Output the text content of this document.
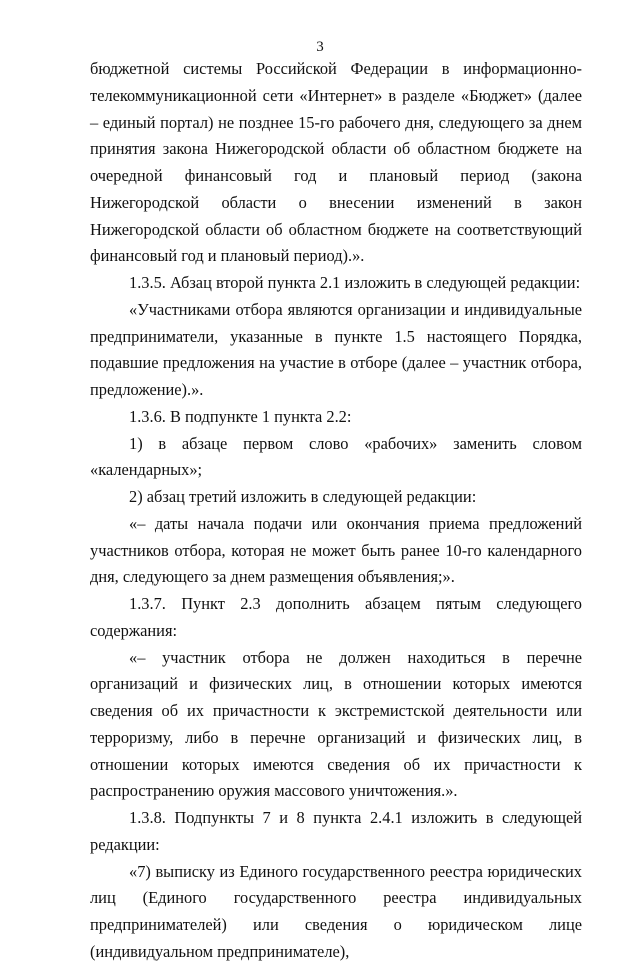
3

бюджетной системы Российской Федерации в информационно-телекоммуникационной сети «Интернет» в разделе «Бюджет» (далее – единый портал) не позднее 15-го рабочего дня, следующего за днем принятия закона Нижегородской области об областном бюджете на очередной финансовый год и плановый период (закона Нижегородской области о внесении изменений в закон Нижегородской области об областном бюджете на соответствующий финансовый год и плановый период).».

1.3.5. Абзац второй пункта 2.1 изложить в следующей редакции:

«Участниками отбора являются организации и индивидуальные предприниматели, указанные в пункте 1.5 настоящего Порядка, подавшие предложения на участие в отборе (далее – участник отбора, предложение).».

1.3.6. В подпункте 1 пункта 2.2:

1) в абзаце первом слово «рабочих» заменить словом «календарных»;

2) абзац третий изложить в следующей редакции:

«– даты начала подачи или окончания приема предложений участников отбора, которая не может быть ранее 10-го календарного дня, следующего за днем размещения объявления;».

1.3.7. Пункт 2.3 дополнить абзацем пятым следующего содержания:

«– участник отбора не должен находиться в перечне организаций и физических лиц, в отношении которых имеются сведения об их причастности к экстремистской деятельности или терроризму, либо в перечне организаций и физических лиц, в отношении которых имеются сведения об их причастности к распространению оружия массового уничтожения.».

1.3.8. Подпункты 7 и 8 пункта 2.4.1 изложить в следующей редакции:

«7) выписку из Единого государственного реестра юридических лиц (Единого государственного реестра индивидуальных предпринимателей) или сведения о юридическом лице (индивидуальном предпринимателе),
